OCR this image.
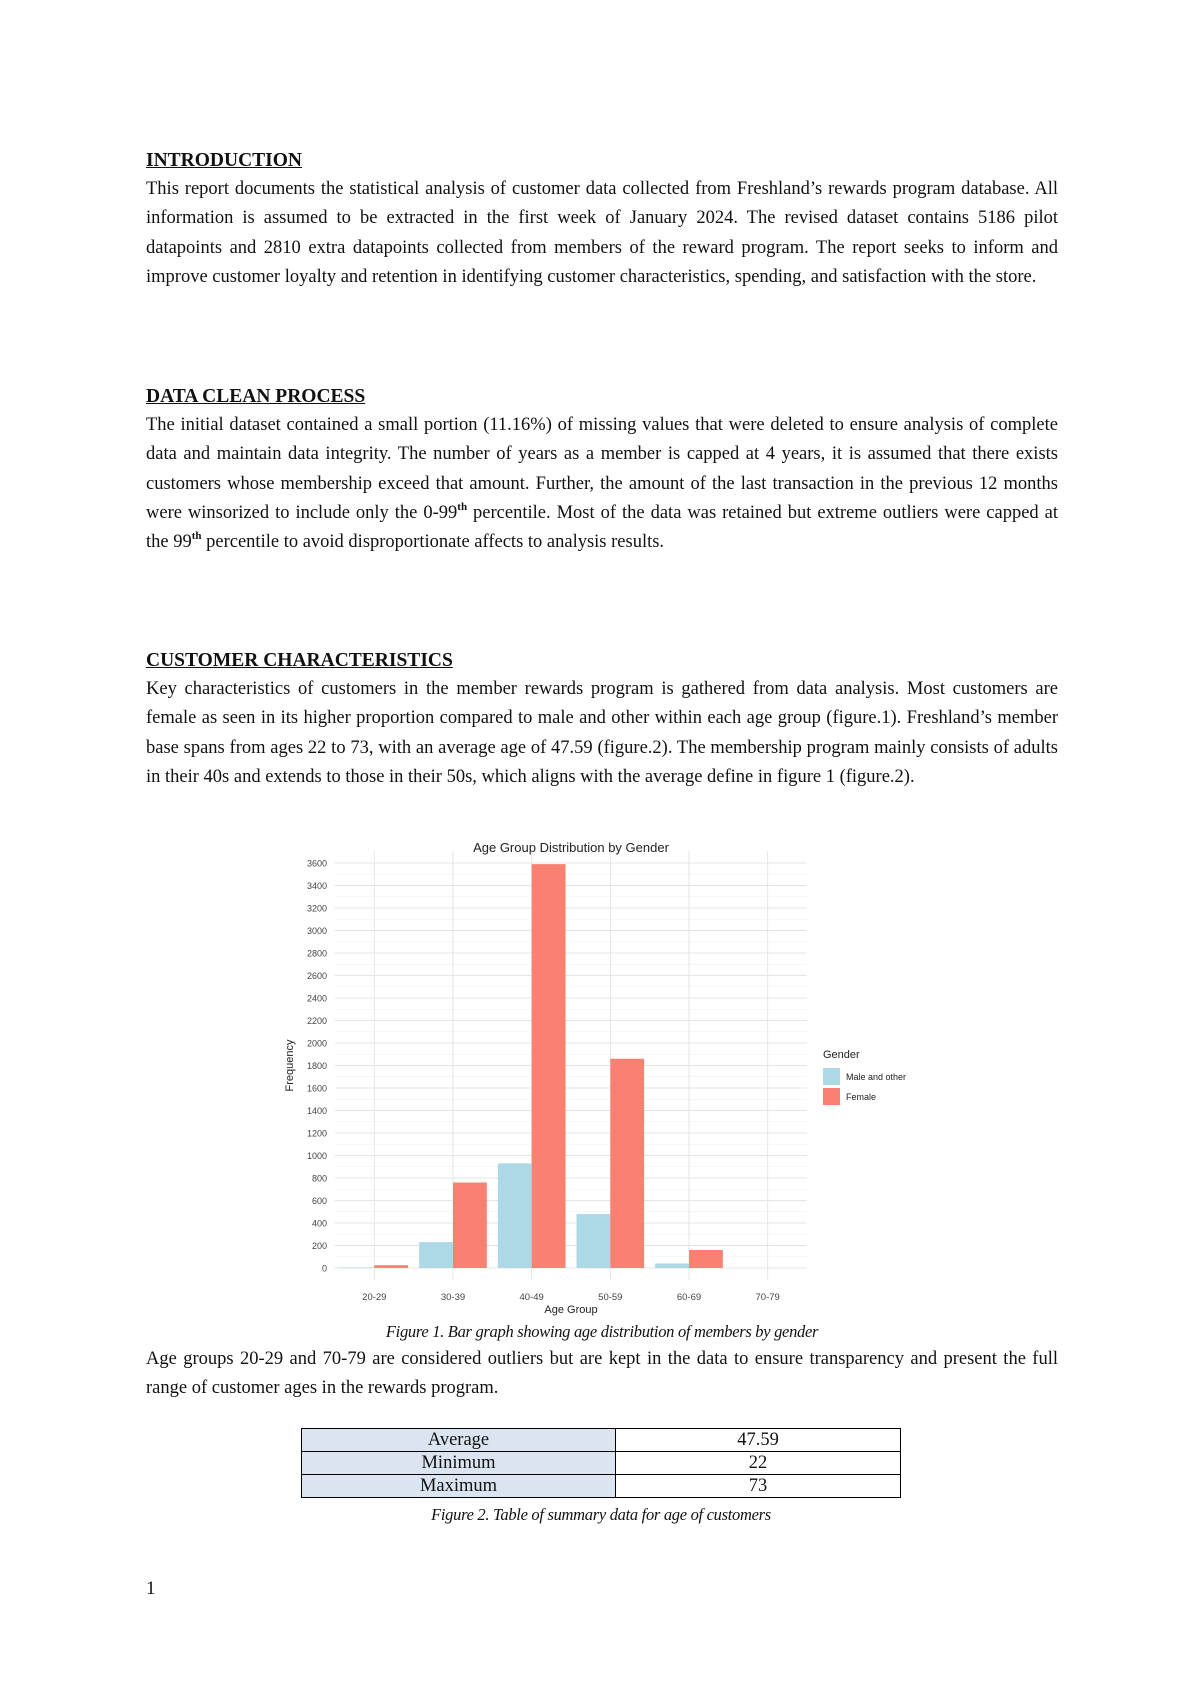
INTRODUCTION

This report documents the statistical analysis of customer data collected from Freshland’s rewards program database. All information is assumed to be extracted in the first week of January 2024. The revised dataset contains 5186 pilot datapoints and 2810 extra datapoints collected from members of the reward program. The report seeks to inform and improve customer loyalty and retention in identifying customer characteristics, spending, and satisfaction with the store.

DATA CLEAN PROCESS

The initial dataset contained a small portion (11.16%) of missing values that were deleted to ensure analysis of complete data and maintain data integrity. The number of years as a member is capped at 4 years, it is assumed that there exists customers whose membership exceed that amount. Further, the amount of the last transaction in the previous 12 months were winsorized to include only the 0-99th percentile. Most of the data was retained but extreme outliers were capped at the 99th percentile to avoid disproportionate affects to analysis results.

CUSTOMER CHARACTERISTICS

Key characteristics of customers in the member rewards program is gathered from data analysis. Most customers are female as seen in its higher proportion compared to male and other within each age group (figure.1). Freshland’s member base spans from ages 22 to 73, with an average age of 47.59 (figure.2). The membership program mainly consists of adults in their 40s and extends to those in their 50s, which aligns with the average define in figure 1 (figure.2).

0
200
400
600
800
1000
1200
1400
1600
1800
2000
2200
2400
2600
2800
3000
3200
3400
3600
20-29	30-39	40-49	50-59	60-69	70-79
Age Group Distribution by Gender
Age Group
Frequency	Gender
Male and other
Female
Figure 1. Bar graph showing age distribution of members by gender

Age groups 20-29 and 70-79 are considered outliers but are kept in the data to ensure transparency and present the full range of customer ages in the rewards program.

Average	47.59
Minimum	22
Maximum	73
Figure 2. Table of summary data for age of customers
1
